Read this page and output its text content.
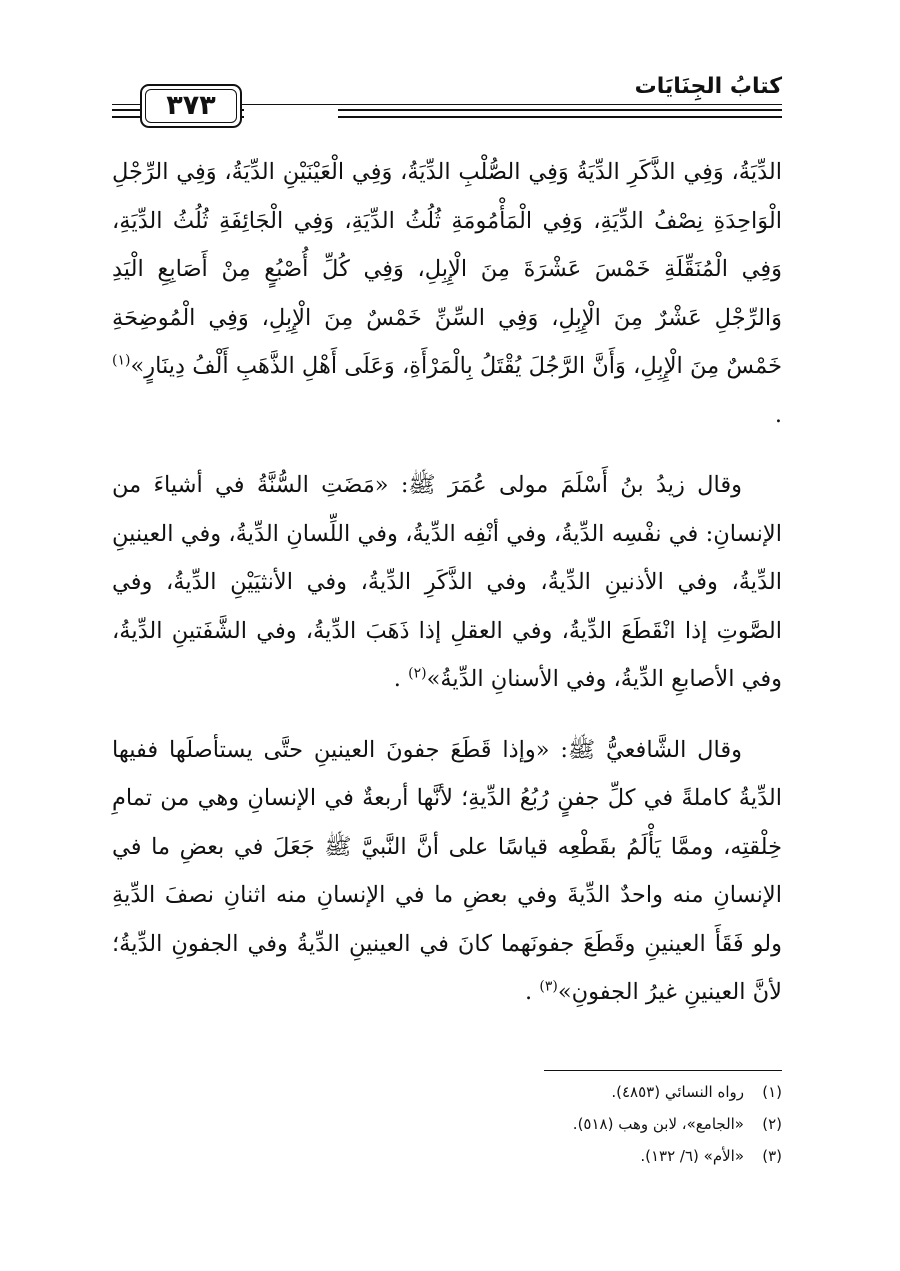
كتابُ الجِنَايَات
٣٧٣

الدِّيَةُ، وَفِي الذَّكَرِ الدِّيَةُ وَفِي الصُّلْبِ الدِّيَةُ، وَفِي الْعَيْنَيْنِ الدِّيَةُ، وَفِي الرِّجْلِ الْوَاحِدَةِ نِصْفُ الدِّيَةِ، وَفِي الْمَأْمُومَةِ ثُلُثُ الدِّيَةِ، وَفِي الْجَائِفَةِ ثُلُثُ الدِّيَةِ، وَفِي الْمُنَقِّلَةِ خَمْسَ عَشْرَةَ مِنَ الْإِبِلِ، وَفِي كُلِّ أُصْبُعٍ مِنْ أَصَابِعِ الْيَدِ وَالرِّجْلِ عَشْرٌ مِنَ الْإِبِلِ، وَفِي السِّنِّ خَمْسٌ مِنَ الْإِبِلِ، وَفِي الْمُوضِحَةِ خَمْسٌ مِنَ الْإِبِلِ، وَأَنَّ الرَّجُلَ يُقْتَلُ بِالْمَرْأَةِ، وَعَلَى أَهْلِ الذَّهَبِ أَلْفُ دِينَارٍ»$^{(١)}$ .

وقال زيدُ بنُ أَسْلَمَ مولى عُمَرَ ﷺ: «مَضَتِ السُّنَّةُ في أشياءَ من الإنسانِ: في نفْسِه الدِّيةُ، وفي أنْفِه الدِّيةُ، وفي اللِّسانِ الدِّيةُ، وفي العينينِ الدِّيةُ، وفي الأذنينِ الدِّيةُ، وفي الذَّكَرِ الدِّيةُ، وفي الأنثيَيْنِ الدِّيةُ، وفي الصَّوتِ إذا انْقَطَعَ الدِّيةُ، وفي العقلِ إذا ذَهَبَ الدِّيةُ، وفي الشَّفَتينِ الدِّيةُ، وفي الأصابعِ الدِّيةُ، وفي الأسنانِ الدِّيةُ»$^{(٢)}$ .

وقال الشَّافعيُّ ﷺ: «وإذا قَطَعَ جفونَ العينينِ حتَّى يستأصلَها ففيها الدِّيةُ كاملةً في كلِّ جفنٍ رُبُعُ الدِّيةِ؛ لأنَّها أربعةٌ في الإنسانِ وهي من تمامِ خِلْقتِه، وممَّا يَأْلَمُ بقَطْعِه قياسًا على أنَّ النَّبيَّ ﷺ جَعَلَ في بعضِ ما في الإنسانِ منه واحدٌ الدِّيةَ وفي بعضِ ما في الإنسانِ منه اثنانِ نصفَ الدِّيةِ ولو فَقَأَ العينينِ وقَطَعَ جفونَهما كانَ في العينينِ الدِّيةُ وفي الجفونِ الدِّيةُ؛ لأنَّ العينينِ غيرُ الجفونِ»$^{(٣)}$ .

(١)
رواه النسائي (٤٨٥٣).
(٢)
«الجامع»، لابن وهب (٥١٨).
(٣)
«الأم» (٦/ ١٣٢).
